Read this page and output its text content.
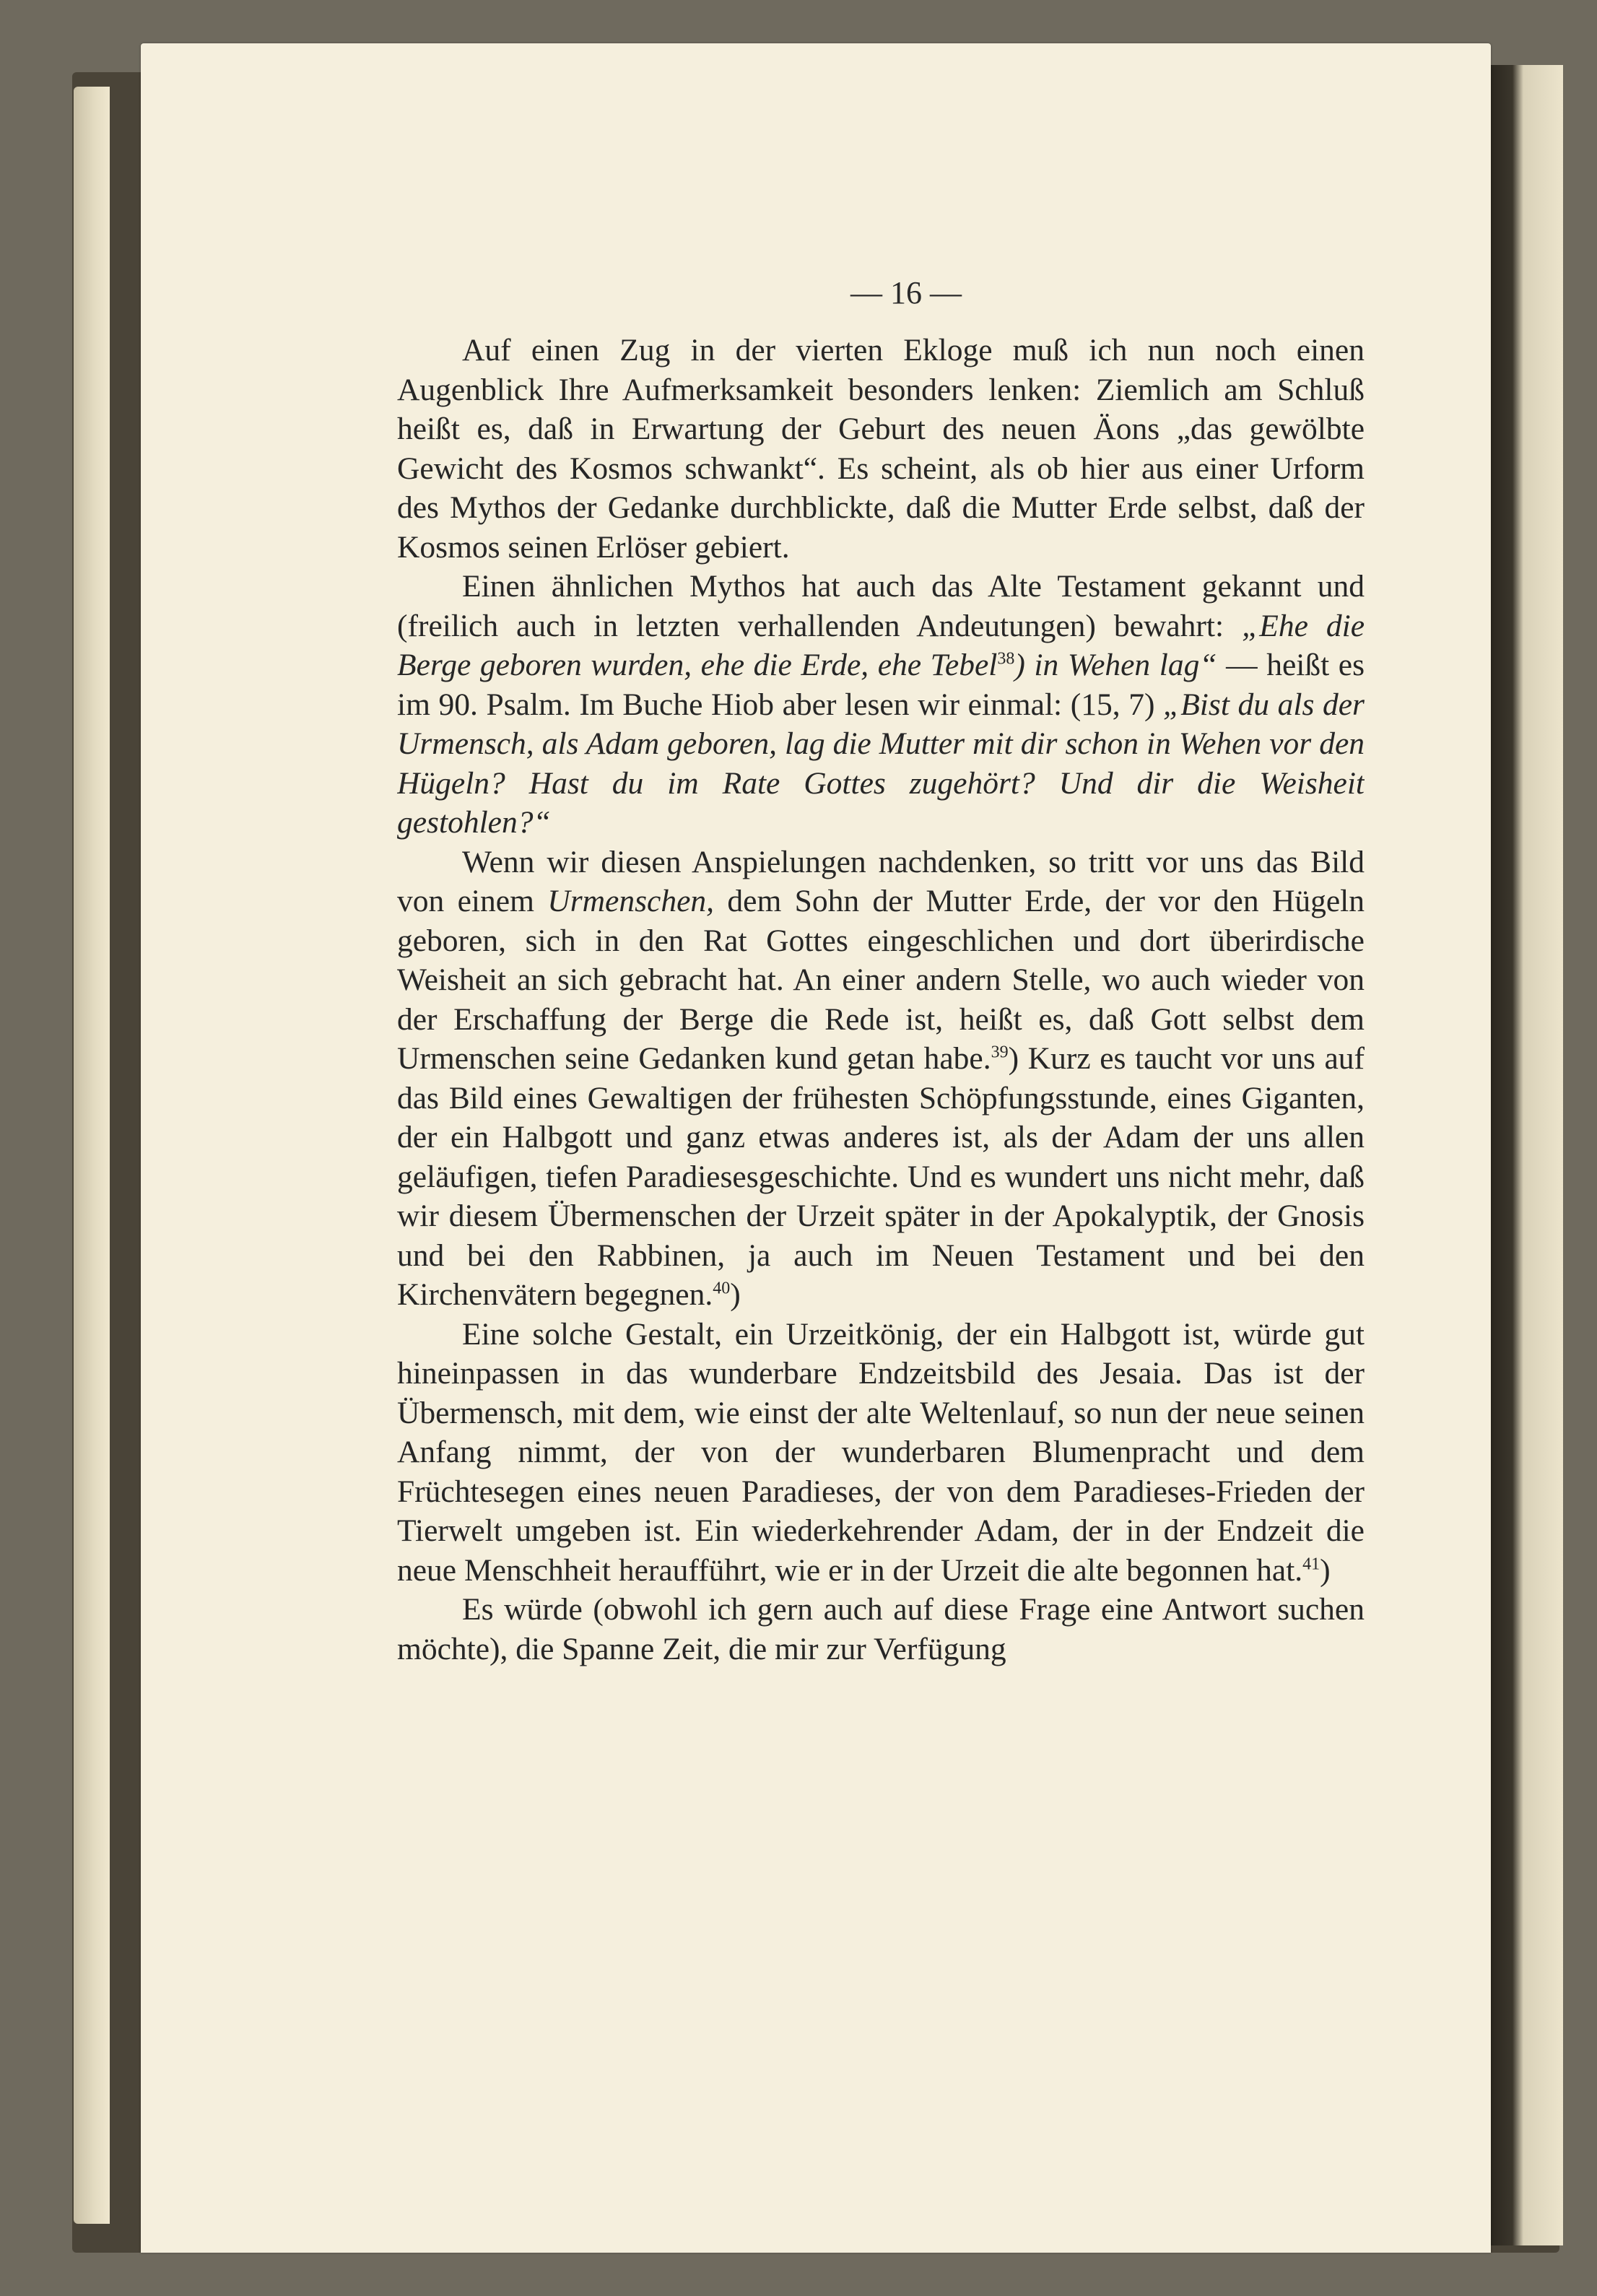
— 16 —

Auf einen Zug in der vierten Ekloge muß ich nun noch einen Augenblick Ihre Aufmerksamkeit besonders lenken: Ziemlich am Schluß heißt es, daß in Erwartung der Geburt des neuen Äons „das gewölbte Gewicht des Kosmos schwankt“. Es scheint, als ob hier aus einer Urform des Mythos der Gedanke durchblickte, daß die Mutter Erde selbst, daß der Kosmos seinen Erlöser gebiert.

Einen ähnlichen Mythos hat auch das Alte Testament gekannt und (freilich auch in letzten verhallenden Andeutungen) bewahrt: „Ehe die Berge geboren wurden, ehe die Erde, ehe Tebel$^{38}$) in Wehen lag“ — heißt es im 90. Psalm. Im Buche Hiob aber lesen wir einmal: (15, 7) „Bist du als der Urmensch, als Adam geboren, lag die Mutter mit dir schon in Wehen vor den Hügeln? Hast du im Rate Gottes zugehört? Und dir die Weisheit gestohlen?“

Wenn wir diesen Anspielungen nachdenken, so tritt vor uns das Bild von einem Urmenschen, dem Sohn der Mutter Erde, der vor den Hügeln geboren, sich in den Rat Gottes eingeschlichen und dort überirdische Weisheit an sich gebracht hat. An einer andern Stelle, wo auch wieder von der Erschaffung der Berge die Rede ist, heißt es, daß Gott selbst dem Urmenschen seine Gedanken kund getan habe.$^{39}$) Kurz es taucht vor uns auf das Bild eines Gewaltigen der frühesten Schöpfungsstunde, eines Giganten, der ein Halbgott und ganz etwas anderes ist, als der Adam der uns allen geläufigen, tiefen Paradiesesgeschichte. Und es wundert uns nicht mehr, daß wir diesem Übermenschen der Urzeit später in der Apokalyptik, der Gnosis und bei den Rabbinen, ja auch im Neuen Testament und bei den Kirchenvätern begegnen.$^{40}$)

Eine solche Gestalt, ein Urzeitkönig, der ein Halbgott ist, würde gut hineinpassen in das wunderbare Endzeitsbild des Jesaia. Das ist der Übermensch, mit dem, wie einst der alte Weltenlauf, so nun der neue seinen Anfang nimmt, der von der wunderbaren Blumenpracht und dem Früchtesegen eines neuen Paradieses, der von dem Paradieses-Frieden der Tierwelt umgeben ist. Ein wiederkehrender Adam, der in der Endzeit die neue Menschheit heraufführt, wie er in der Urzeit die alte begonnen hat.$^{41}$)

Es würde (obwohl ich gern auch auf diese Frage eine Antwort suchen möchte), die Spanne Zeit, die mir zur Verfügung
